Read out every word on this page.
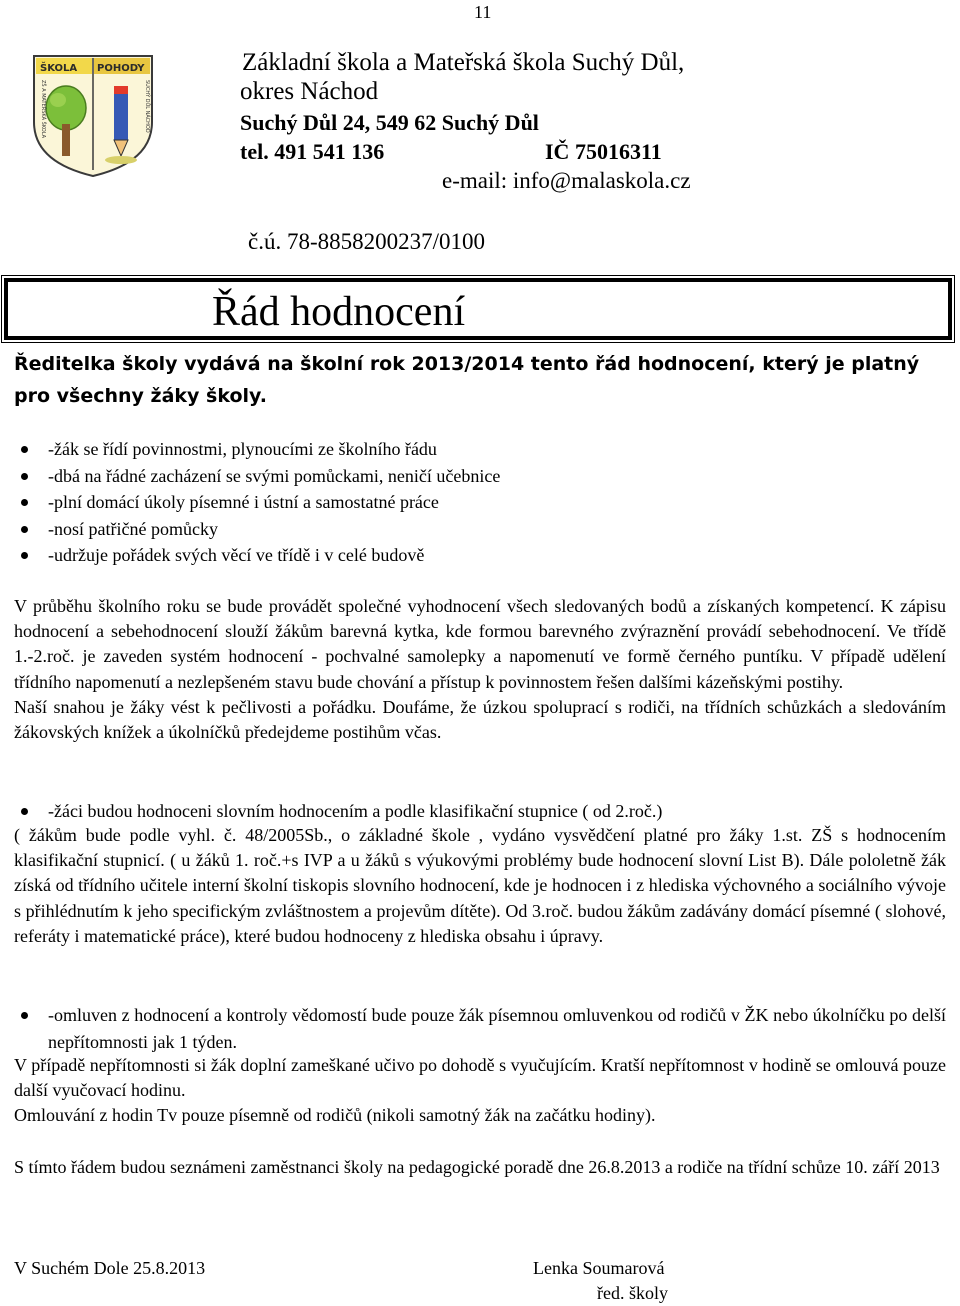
11
ŠKOLA POHODY
ZŠ A MATEŘSKÁ ŠKOLA	SUCHÝ DŮL NÁCHOD
Základní škola a Mateřská škola Suchý Důl,
okres Náchod
Suchý Důl 24, 549 62 Suchý Důl
tel. 491 541 136	IČ 75016311
e-mail: info@malaskola.cz
č.ú. 78-8858200237/0100
Řád hodnocení
Ředitelka školy vydává na školní rok 2013/2014 tento řád hodnocení, který je platný pro všechny žáky školy.
-žák se řídí povinnostmi, plynoucími ze školního řádu
-dbá na řádné zacházení se svými pomůckami, neničí učebnice
-plní domácí úkoly písemné i ústní a samostatné práce
-nosí patřičné pomůcky
-udržuje pořádek svých věcí ve třídě i v celé budově

V průběhu školního roku se bude provádět společné vyhodnocení všech sledovaných bodů a získaných kompetencí. K zápisu hodnocení a sebehodnocení slouží žákům barevná kytka, kde formou barevného zvýraznění provádí sebehodnocení. Ve třídě 1.-2.roč. je zaveden systém hodnocení - pochvalné samolepky a napomenutí ve formě černého puntíku. V případě udělení třídního napomenutí a nezlepšeném stavu bude chování a přístup k povinnostem řešen dalšími kázeňskými postihy.

Naší snahou je žáky vést k pečlivosti a pořádku. Doufáme, že úzkou spoluprací s rodiči, na třídních schůzkách a sledováním žákovských knížek a úkolníčků předejdeme postihům včas.

-žáci budou hodnoceni slovním hodnocením a podle klasifikační stupnice ( od 2.roč.)

( žákům bude podle vyhl. č. 48/2005Sb., o základné škole , vydáno vysvědčení platné pro žáky 1.st. ZŠ s hodnocením klasifikační stupnicí. ( u žáků 1. roč.+s IVP a u žáků s výukovými problémy bude hodnocení slovní List B). Dále pololetně žák získá od třídního učitele interní školní tiskopis slovního hodnocení, kde je hodnocen i z hlediska výchovného a sociálního vývoje s přihlédnutím k jeho specifickým zvláštnostem a projevům dítěte). Od 3.roč. budou žákům zadávány domácí písemné ( slohové, referáty i matematické práce), které budou hodnoceny z hlediska obsahu i úpravy.

-omluven z hodnocení a kontroly vědomostí bude pouze žák písemnou omluvenkou od rodičů v ŽK nebo úkolníčku po delší nepřítomnosti jak 1 týden.

V případě nepřítomnosti si žák doplní zameškané učivo po dohodě s vyučujícím. Kratší nepřítomnost v hodině se omlouvá pouze další vyučovací hodinu.

Omlouvání z hodin Tv pouze písemně od rodičů (nikoli samotný žák na začátku hodiny).

S tímto řádem budou seznámeni zaměstnanci školy na pedagogické poradě dne 26.8.2013 a rodiče na třídní schůze 10. září 2013

V Suchém Dole 25.8.2013	Lenka Soumarová
řed. školy
